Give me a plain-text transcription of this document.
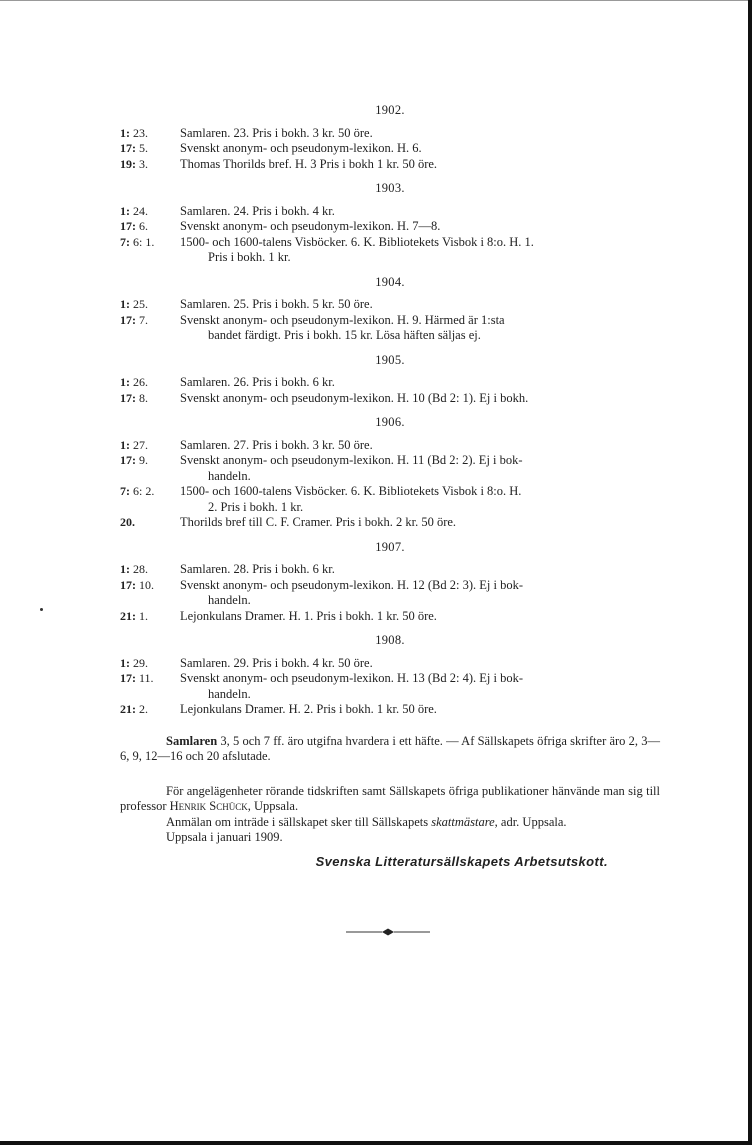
1902.
1: 23.	Samlaren. 23. Pris i bokh. 3 kr. 50 öre.
17: 5.	Svenskt anonym- och pseudonym-lexikon. H. 6.
19: 3.	Thomas Thorilds bref. H. 3 Pris i bokh 1 kr. 50 öre.
1903.
1: 24.	Samlaren. 24. Pris i bokh. 4 kr.
17: 6.	Svenskt anonym- och pseudonym-lexikon. H. 7—8.
7: 6: 1.	1500- och 1600-talens Visböcker. 6. K. Bibliotekets Visbok i 8:o. H. 1.
Pris i bokh. 1 kr.
1904.
1: 25.	Samlaren. 25. Pris i bokh. 5 kr. 50 öre.
17: 7.	Svenskt anonym- och pseudonym-lexikon. H. 9. Härmed är 1:sta
bandet färdigt. Pris i bokh. 15 kr. Lösa häften säljas ej.
1905.
1: 26.	Samlaren. 26. Pris i bokh. 6 kr.
17: 8.	Svenskt anonym- och pseudonym-lexikon. H. 10 (Bd 2: 1). Ej i bokh.
1906.
1: 27.	Samlaren. 27. Pris i bokh. 3 kr. 50 öre.
17: 9.	Svenskt anonym- och pseudonym-lexikon. H. 11 (Bd 2: 2). Ej i bok-
handeln.
7: 6: 2.	1500- och 1600-talens Visböcker. 6. K. Bibliotekets Visbok i 8:o. H.
2. Pris i bokh. 1 kr.
20.	Thorilds bref till C. F. Cramer. Pris i bokh. 2 kr. 50 öre.
1907.
1: 28.	Samlaren. 28. Pris i bokh. 6 kr.
17: 10.	Svenskt anonym- och pseudonym-lexikon. H. 12 (Bd 2: 3). Ej i bok-
handeln.
21: 1.	Lejonkulans Dramer. H. 1. Pris i bokh. 1 kr. 50 öre.
1908.
1: 29.	Samlaren. 29. Pris i bokh. 4 kr. 50 öre.
17: 11.	Svenskt anonym- och pseudonym-lexikon. H. 13 (Bd 2: 4). Ej i bok-
handeln.
21: 2.	Lejonkulans Dramer. H. 2. Pris i bokh. 1 kr. 50 öre.

Samlaren 3, 5 och 7 ff. äro utgifna hvardera i ett häfte. — Af Sällskapets öfriga skrifter äro 2, 3—6, 9, 12—16 och 20 afslutade.

För angelägenheter rörande tidskriften samt Sällskapets öfriga publikationer hänvände man sig till professor Henrik Schück, Uppsala.

Anmälan om inträde i sällskapet sker till Sällskapets skattmästare, adr. Uppsala.

Uppsala i januari 1909.

Svenska Litteratursällskapets Arbetsutskott.
